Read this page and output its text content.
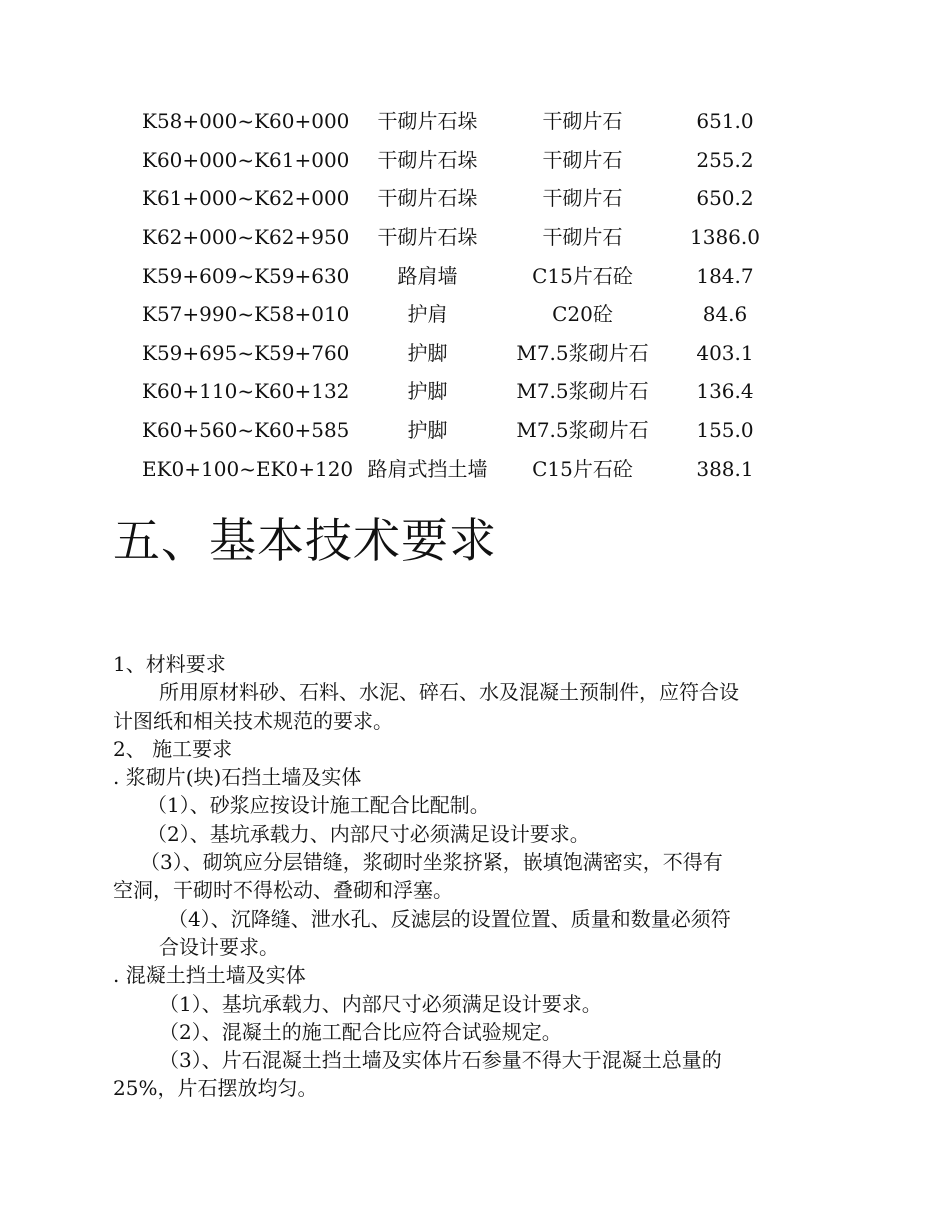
K58+000~K60+000	干砌片石垛	干砌片石	651.0
K60+000~K61+000	干砌片石垛	干砌片石	255.2
K61+000~K62+000	干砌片石垛	干砌片石	650.2
K62+000~K62+950	干砌片石垛	干砌片石	1386.0
K59+609~K59+630	路肩墙	C15片石砼	184.7
K57+990~K58+010	护肩	C20砼	84.6
K59+695~K59+760	护脚	M7.5浆砌片石	403.1
K60+110~K60+132	护脚	M7.5浆砌片石	136.4
K60+560~K60+585	护脚	M7.5浆砌片石	155.0
EK0+100~EK0+120 路肩式挡土墙	C15片石砼	388.1
五、基本技术要求

1、材料要求

所用原材料砂、石料、水泥、碎石、水及混凝土预制件，应符合设

计图纸和相关技术规范的要求。

2、 施工要求

. 浆砌片(块)石挡土墙及实体

（1）、砂浆应按设计施工配合比配制。

（2）、基坑承载力、内部尺寸必须满足设计要求。

（3）、砌筑应分层错缝，浆砌时坐浆挤紧，嵌填饱满密实，不得有

空洞，干砌时不得松动、叠砌和浮塞。

（4）、沉降缝、泄水孔、反滤层的设置位置、质量和数量必须符

合设计要求。

. 混凝土挡土墙及实体

（1）、基坑承载力、内部尺寸必须满足设计要求。

（2）、混凝土的施工配合比应符合试验规定。

（3）、片石混凝土挡土墙及实体片石参量不得大于混凝土总量的

25%，片石摆放均匀。
